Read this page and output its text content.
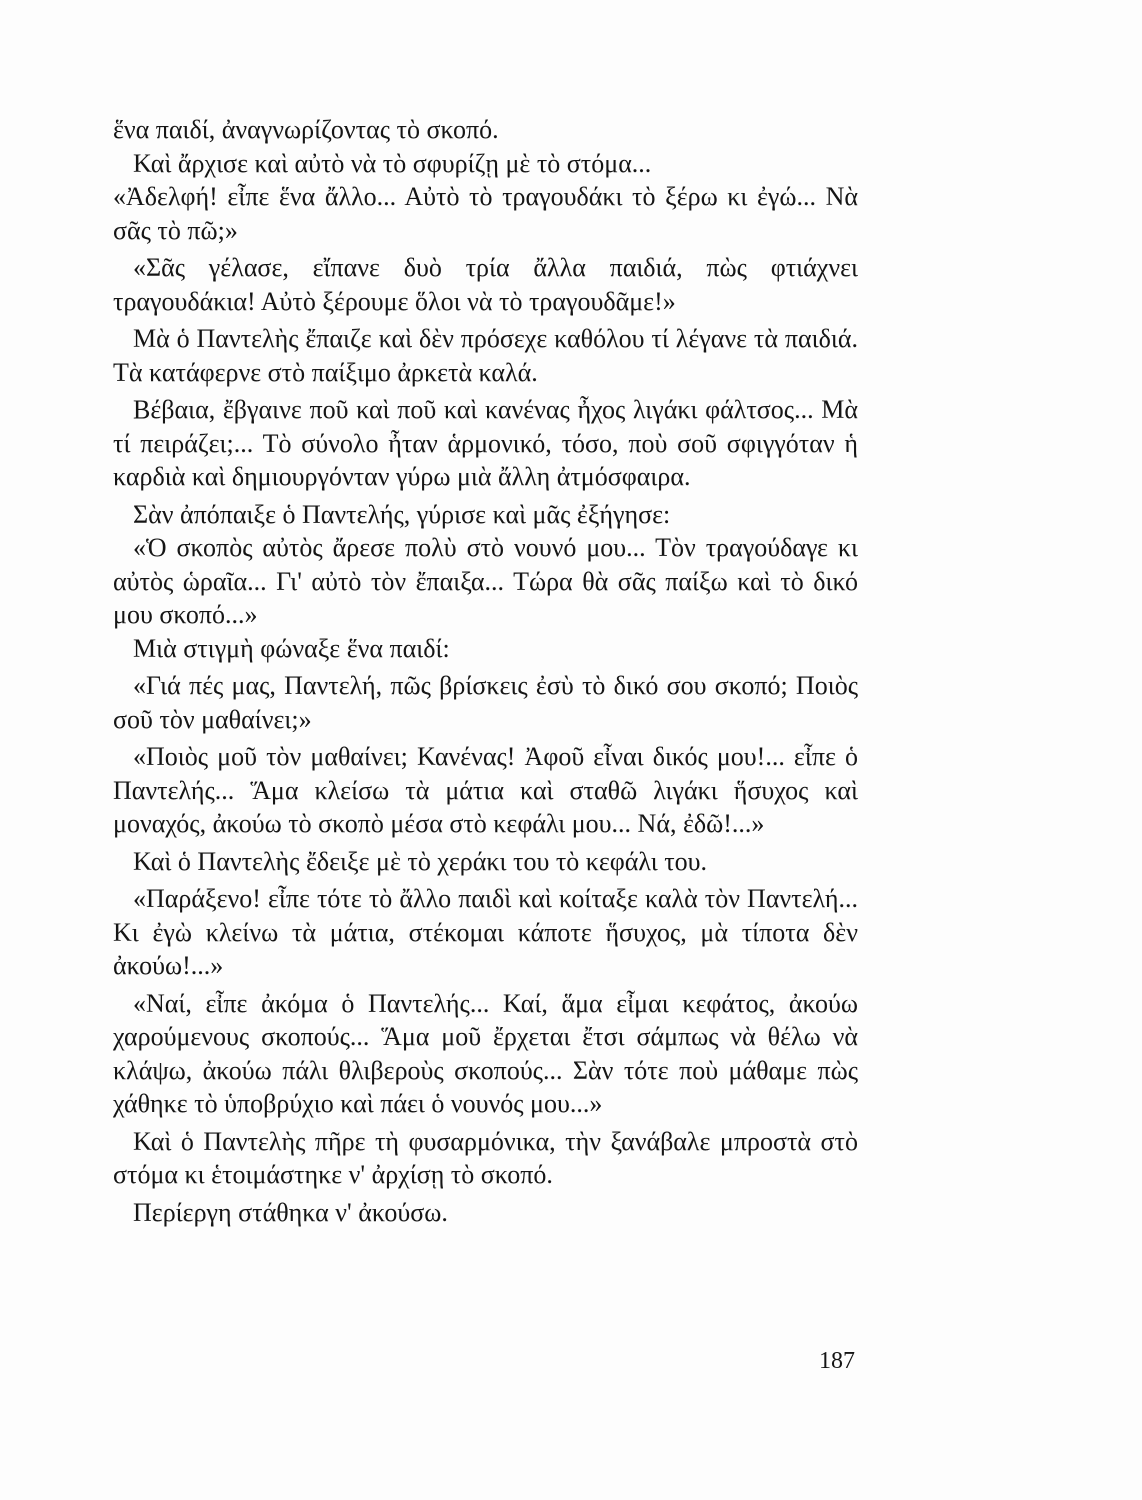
ἕνα παιδί, ἀναγνωρίζοντας τὸ σκοπό.

Καὶ ἄρχισε καὶ αὐτὸ νὰ τὸ σφυρίζῃ μὲ τὸ στόμα...

«Ἀδελφή! εἶπε ἕνα ἄλλο... Αὐτὸ τὸ τραγουδάκι τὸ ξέρω κι ἐγώ... Νὰ σᾶς τὸ πῶ;»

«Σᾶς γέλασε, εἴπανε δυὸ τρία ἄλλα παιδιά, πὼς φτιάχνει τραγουδάκια! Αὐτὸ ξέρουμε ὅλοι νὰ τὸ τραγουδᾶμε!»

Μὰ ὁ Παντελὴς ἔπαιζε καὶ δὲν πρόσεχε καθόλου τί λέγανε τὰ παιδιά. Τὰ κατάφερνε στὸ παίξιμο ἀρκετὰ καλά.

Βέβαια, ἔβγαινε ποῦ καὶ ποῦ καὶ κανένας ἦχος λιγάκι φάλτσος... Μὰ τί πειράζει;... Τὸ σύνολο ἦταν ἁρμονικό, τόσο, ποὺ σοῦ σφιγγόταν ἡ καρδιὰ καὶ δημιουργόνταν γύρω μιὰ ἄλλη ἀτμόσφαιρα.

Σὰν ἀπόπαιξε ὁ Παντελής, γύρισε καὶ μᾶς ἐξήγησε:

«Ὁ σκοπὸς αὐτὸς ἄρεσε πολὺ στὸ νουνό μου... Τὸν τραγούδαγε κι αὐτὸς ὡραῖα... Γι' αὐτὸ τὸν ἔπαιξα... Τώρα θὰ σᾶς παίξω καὶ τὸ δικό μου σκοπό...»

Μιὰ στιγμὴ φώναξε ἕνα παιδί:

«Γιά πές μας, Παντελή, πῶς βρίσκεις ἐσὺ τὸ δικό σου σκοπό; Ποιὸς σοῦ τὸν μαθαίνει;»

«Ποιὸς μοῦ τὸν μαθαίνει; Κανένας! Ἀφοῦ εἶναι δικός μου!... εἶπε ὁ Παντελής... Ἅμα κλείσω τὰ μάτια καὶ σταθῶ λιγάκι ἥσυχος καὶ μοναχός, ἀκούω τὸ σκοπὸ μέσα στὸ κεφάλι μου... Νά, ἐδῶ!...»

Καὶ ὁ Παντελὴς ἔδειξε μὲ τὸ χεράκι του τὸ κεφάλι του.

«Παράξενο! εἶπε τότε τὸ ἄλλο παιδὶ καὶ κοίταξε καλὰ τὸν Παντελή... Κι ἐγὼ κλείνω τὰ μάτια, στέκομαι κάποτε ἥσυχος, μὰ τίποτα δὲν ἀκούω!...»

«Ναί, εἶπε ἀκόμα ὁ Παντελής... Καί, ἅμα εἶμαι κεφάτος, ἀκούω χαρούμενους σκοπούς... Ἅμα μοῦ ἔρχεται ἔτσι σάμπως νὰ θέλω νὰ κλάψω, ἀκούω πάλι θλιβεροὺς σκοπούς... Σὰν τότε ποὺ μάθαμε πὼς χάθηκε τὸ ὑποβρύχιο καὶ πάει ὁ νουνός μου...»

Καὶ ὁ Παντελὴς πῆρε τὴ φυσαρμόνικα, τὴν ξανάβαλε μπροστὰ στὸ στόμα κι ἑτοιμάστηκε ν' ἀρχίσῃ τὸ σκοπό.

Περίεργη στάθηκα ν' ἀκούσω.

187
